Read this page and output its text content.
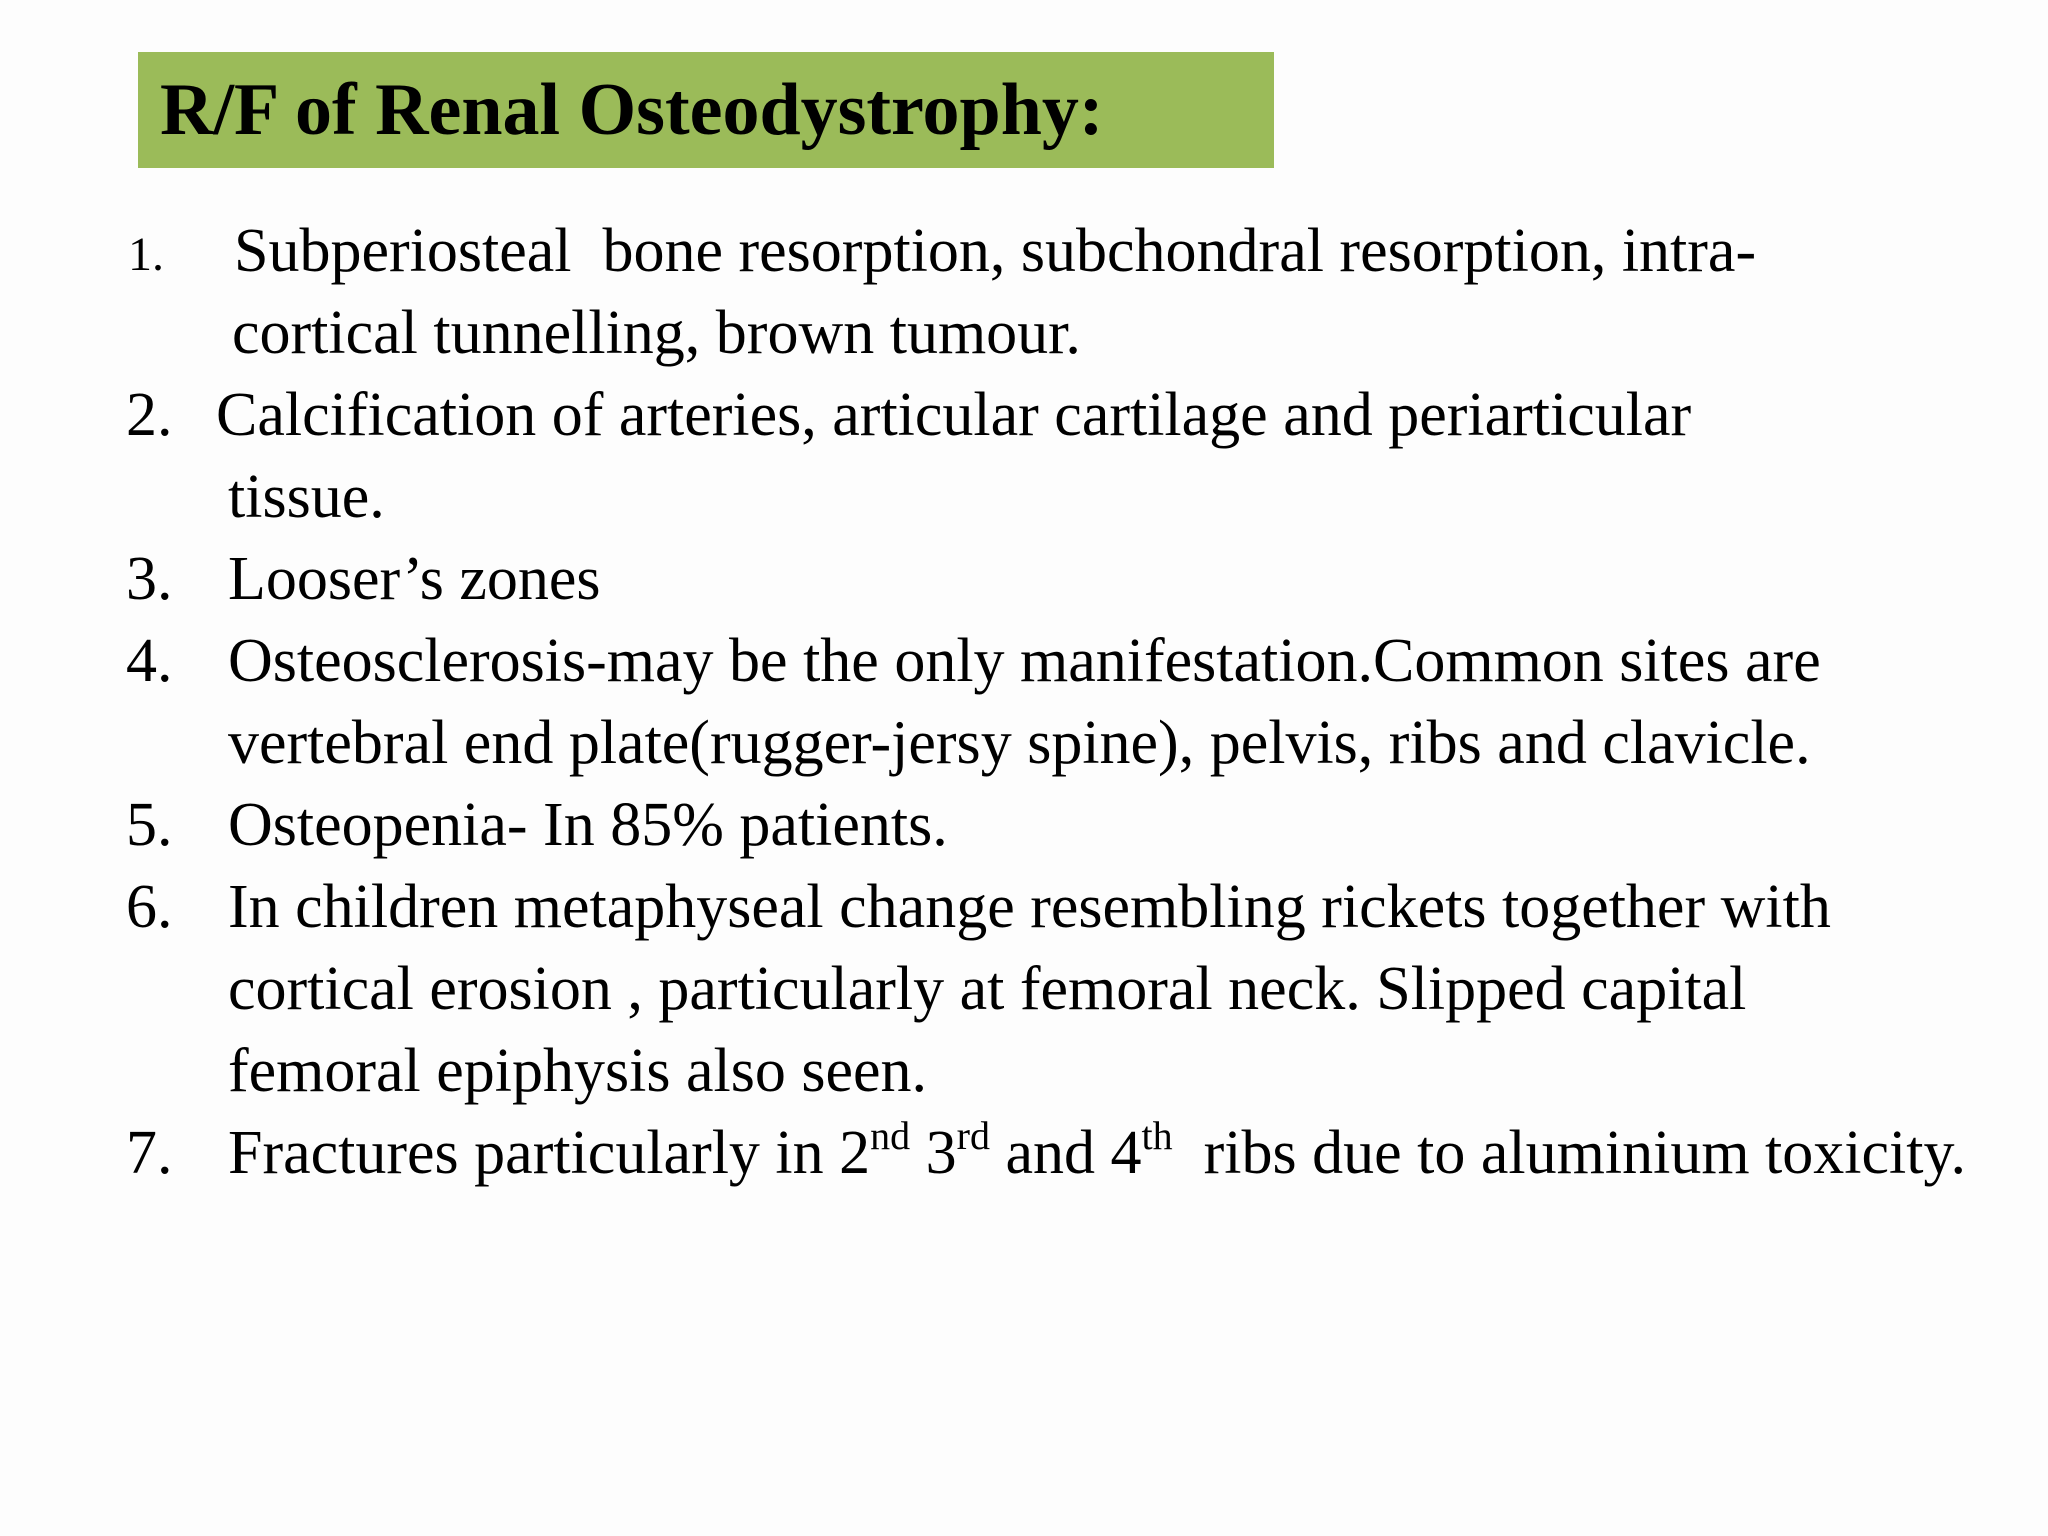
R/F of Renal Osteodystrophy:
1.	Subperiosteal  bone resorption, subchondral resorption, intra-
cortical tunnelling, brown tumour.
2. Calcification of arteries, articular cartilage and periarticular
tissue.
3. Looser’s zones
4. Osteosclerosis-may be the only manifestation.Common sites are vertebral end plate(rugger-jersy spine), pelvis, ribs and clavicle.
5. Osteopenia- In 85% patients.
6. In children metaphyseal change resembling rickets together with cortical erosion , particularly at femoral neck. Slipped capital femoral epiphysis also seen.
7. Fractures particularly in 2nd 3rd and 4th  ribs due to aluminium toxicity.
